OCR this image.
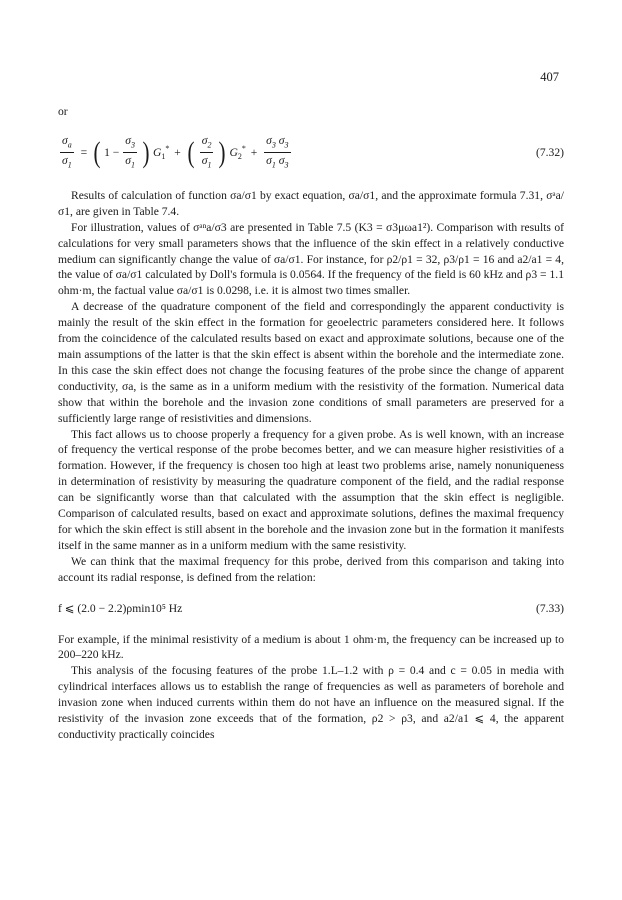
407

or

$\frac{\sigma_a}{\sigma_1}$ = ( $1 - \frac{\sigma_3}{\sigma_1}$ ) $G_1^*$ + ( $\frac{\sigma_2}{\sigma_1}$ ) $G_2^* + \frac{\sigma_3 \sigma_3}{\sigma_1 \sigma_3}$	(7.32)

Results of calculation of function σa/σ1 by exact equation, σa/σ1, and the approximate formula 7.31, σᵃa/σ1, are given in Table 7.4.

For illustration, values of σᵃⁿa/σ3 are presented in Table 7.5 (K3 = σ3μωa1²). Comparison with results of calculations for very small parameters shows that the influence of the skin effect in a relatively conductive medium can significantly change the value of σa/σ1. For instance, for ρ2/ρ1 = 32, ρ3/ρ1 = 16 and a2/a1 = 4, the value of σa/σ1 calculated by Doll's formula is 0.0564. If the frequency of the field is 60 kHz and ρ3 = 1.1 ohm·m, the factual value σa/σ1 is 0.0298, i.e. it is almost two times smaller.

A decrease of the quadrature component of the field and correspondingly the apparent conductivity is mainly the result of the skin effect in the formation for geoelectric parameters considered here. It follows from the coincidence of the calculated results based on exact and approximate solutions, because one of the main assumptions of the latter is that the skin effect is absent within the borehole and the intermediate zone. In this case the skin effect does not change the focusing features of the probe since the change of apparent conductivity, σa, is the same as in a uniform medium with the resistivity of the formation. Numerical data show that within the borehole and the invasion zone conditions of small parameters are preserved for a sufficiently large range of resistivities and dimensions.

This fact allows us to choose properly a frequency for a given probe. As is well known, with an increase of frequency the vertical response of the probe becomes better, and we can measure higher resistivities of a formation. However, if the frequency is chosen too high at least two problems arise, namely nonuniqueness in determination of resistivity by measuring the quadrature component of the field, and the radial response can be significantly worse than that calculated with the assumption that the skin effect is negligible. Comparison of calculated results, based on exact and approximate solutions, defines the maximal frequency for which the skin effect is still absent in the borehole and the invasion zone but in the formation it manifests itself in the same manner as in a uniform medium with the same resistivity.

We can think that the maximal frequency for this probe, derived from this comparison and taking into account its radial response, is defined from the relation:

f ⩽ (2.0 − 2.2)ρmin10⁵ Hz	(7.33)

For example, if the minimal resistivity of a medium is about 1 ohm·m, the frequency can be increased up to 200–220 kHz.

This analysis of the focusing features of the probe 1.L–1.2 with ρ = 0.4 and c = 0.05 in media with cylindrical interfaces allows us to establish the range of frequencies as well as parameters of borehole and invasion zone when induced currents within them do not have an influence on the measured signal. If the resistivity of the invasion zone exceeds that of the formation, ρ2 > ρ3, and a2/a1 ⩽ 4, the apparent conductivity practically coincides
